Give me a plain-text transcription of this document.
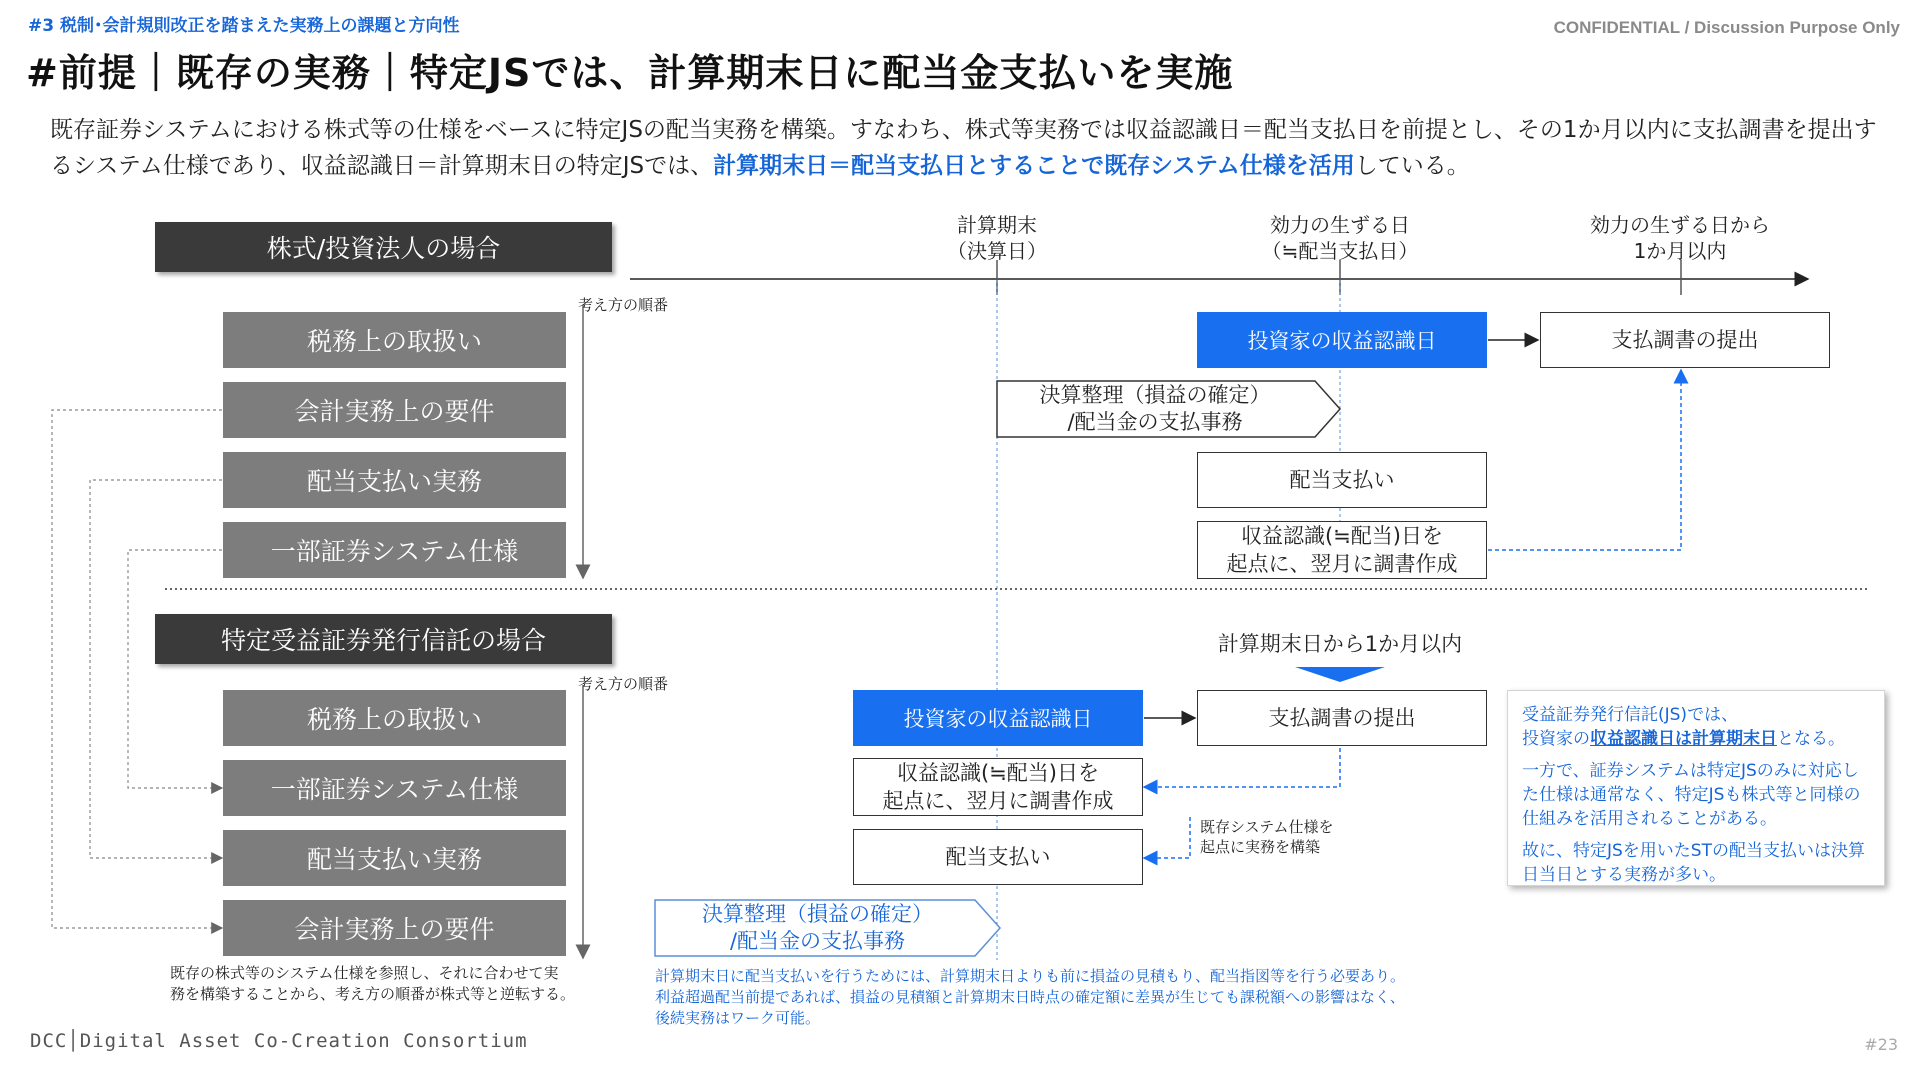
#3 税制･会計規則改正を踏まえた実務上の課題と方向性	CONFIDENTIAL / Discussion Purpose Only
#前提｜既存の実務｜特定JSでは、計算期末日に配当金支払いを実施
既存証券システムにおける株式等の仕様をベースに特定JSの配当実務を構築。すなわち、株式等実務では収益認識日＝配当支払日を前提とし、その1か月以内に支払調書を提出するシステム仕様であり、収益認識日＝計算期末日の特定JSでは、計算期末日＝配当支払日とすることで既存システム仕様を活用している。
計算期末
（決算日）
効力の生ずる日
（≒配当支払日）
効力の生ずる日から
1か月以内
株式/投資法人の場合
考え方の順番
税務上の取扱い
会計実務上の要件
配当支払い実務
一部証券システム仕様
投資家の収益認識日	支払調書の提出
決算整理（損益の確定）
/配当金の支払事務
配当支払い
収益認識(≒配当)日を
起点に、翌月に調書作成
特定受益証券発行信託の場合
考え方の順番
税務上の取扱い
一部証券システム仕様
配当支払い実務
会計実務上の要件
計算期末日から1か月以内
投資家の収益認識日	支払調書の提出
収益認識(≒配当)日を
起点に、翌月に調書作成
配当支払い
既存システム仕様を
起点に実務を構築
決算整理（損益の確定）
/配当金の支払事務
既存の株式等のシステム仕様を参照し、それに合わせて実
務を構築することから、考え方の順番が株式等と逆転する。
計算期末日に配当支払いを行うためには、計算期末日よりも前に損益の見積もり、配当指図等を行う必要あり。
利益超過配当前提であれば、損益の見積額と計算期末日時点の確定額に差異が生じても課税額への影響はなく、
後続実務はワーク可能。

受益証券発行信託(JS)では、
投資家の収益認識日は計算期末日となる。

一方で、証券システムは特定JSのみに対応した仕様は通常なく、特定JSも株式等と同様の仕組みを活用されることがある。

故に、特定JSを用いたSTの配当支払いは決算日当日とする実務が多い。

DCC│Digital Asset Co-Creation Consortium	#23
